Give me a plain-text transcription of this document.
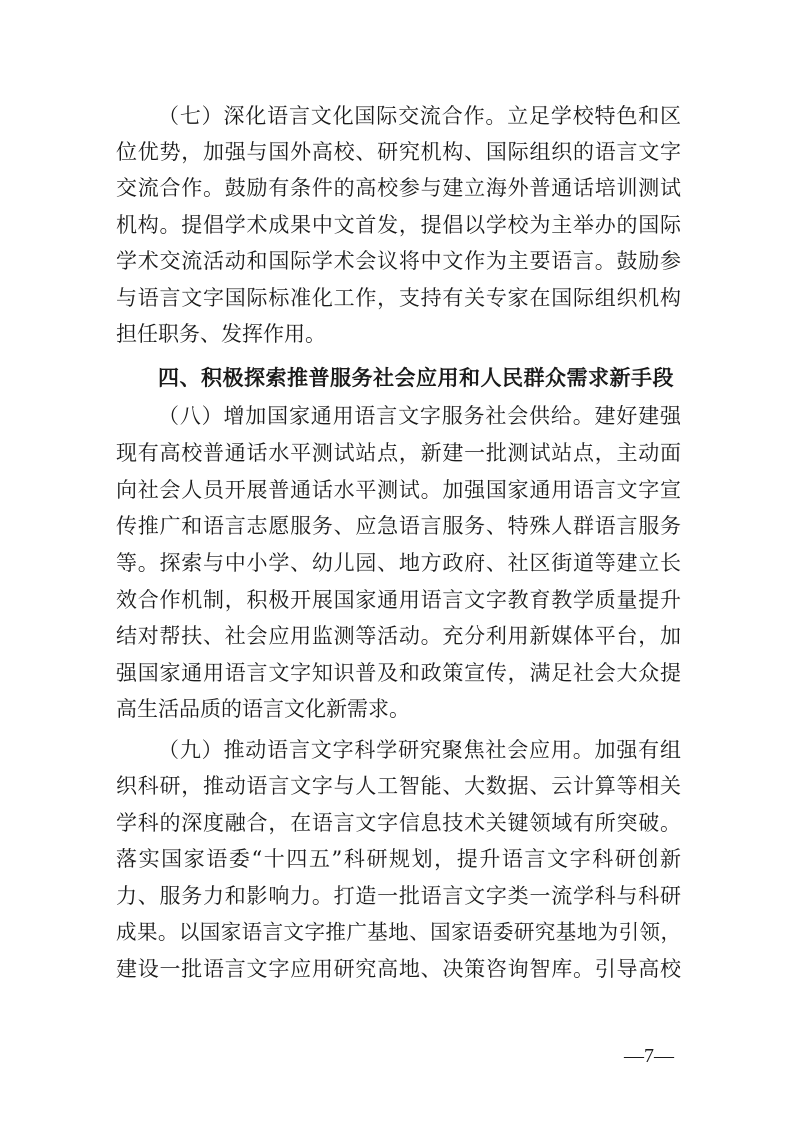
（七）深化语言文化国际交流合作。立足学校特色和区
位优势，加强与国外高校、研究机构、国际组织的语言文字
交流合作。鼓励有条件的高校参与建立海外普通话培训测试
机构。提倡学术成果中文首发，提倡以学校为主举办的国际
学术交流活动和国际学术会议将中文作为主要语言。鼓励参
与语言文字国际标准化工作，支持有关专家在国际组织机构
担任职务、发挥作用。
四、积极探索推普服务社会应用和人民群众需求新手段
（八）增加国家通用语言文字服务社会供给。建好建强
现有高校普通话水平测试站点，新建一批测试站点，主动面
向社会人员开展普通话水平测试。加强国家通用语言文字宣
传推广和语言志愿服务、应急语言服务、特殊人群语言服务
等。探索与中小学、幼儿园、地方政府、社区街道等建立长
效合作机制，积极开展国家通用语言文字教育教学质量提升
结对帮扶、社会应用监测等活动。充分利用新媒体平台，加
强国家通用语言文字知识普及和政策宣传，满足社会大众提
高生活品质的语言文化新需求。
（九）推动语言文字科学研究聚焦社会应用。加强有组
织科研，推动语言文字与人工智能、大数据、云计算等相关
学科的深度融合，在语言文字信息技术关键领域有所突破。
落实国家语委“十四五”科研规划，提升语言文字科研创新
力、服务力和影响力。打造一批语言文字类一流学科与科研
成果。以国家语言文字推广基地、国家语委研究基地为引领，
建设一批语言文字应用研究高地、决策咨询智库。引导高校
—7—
